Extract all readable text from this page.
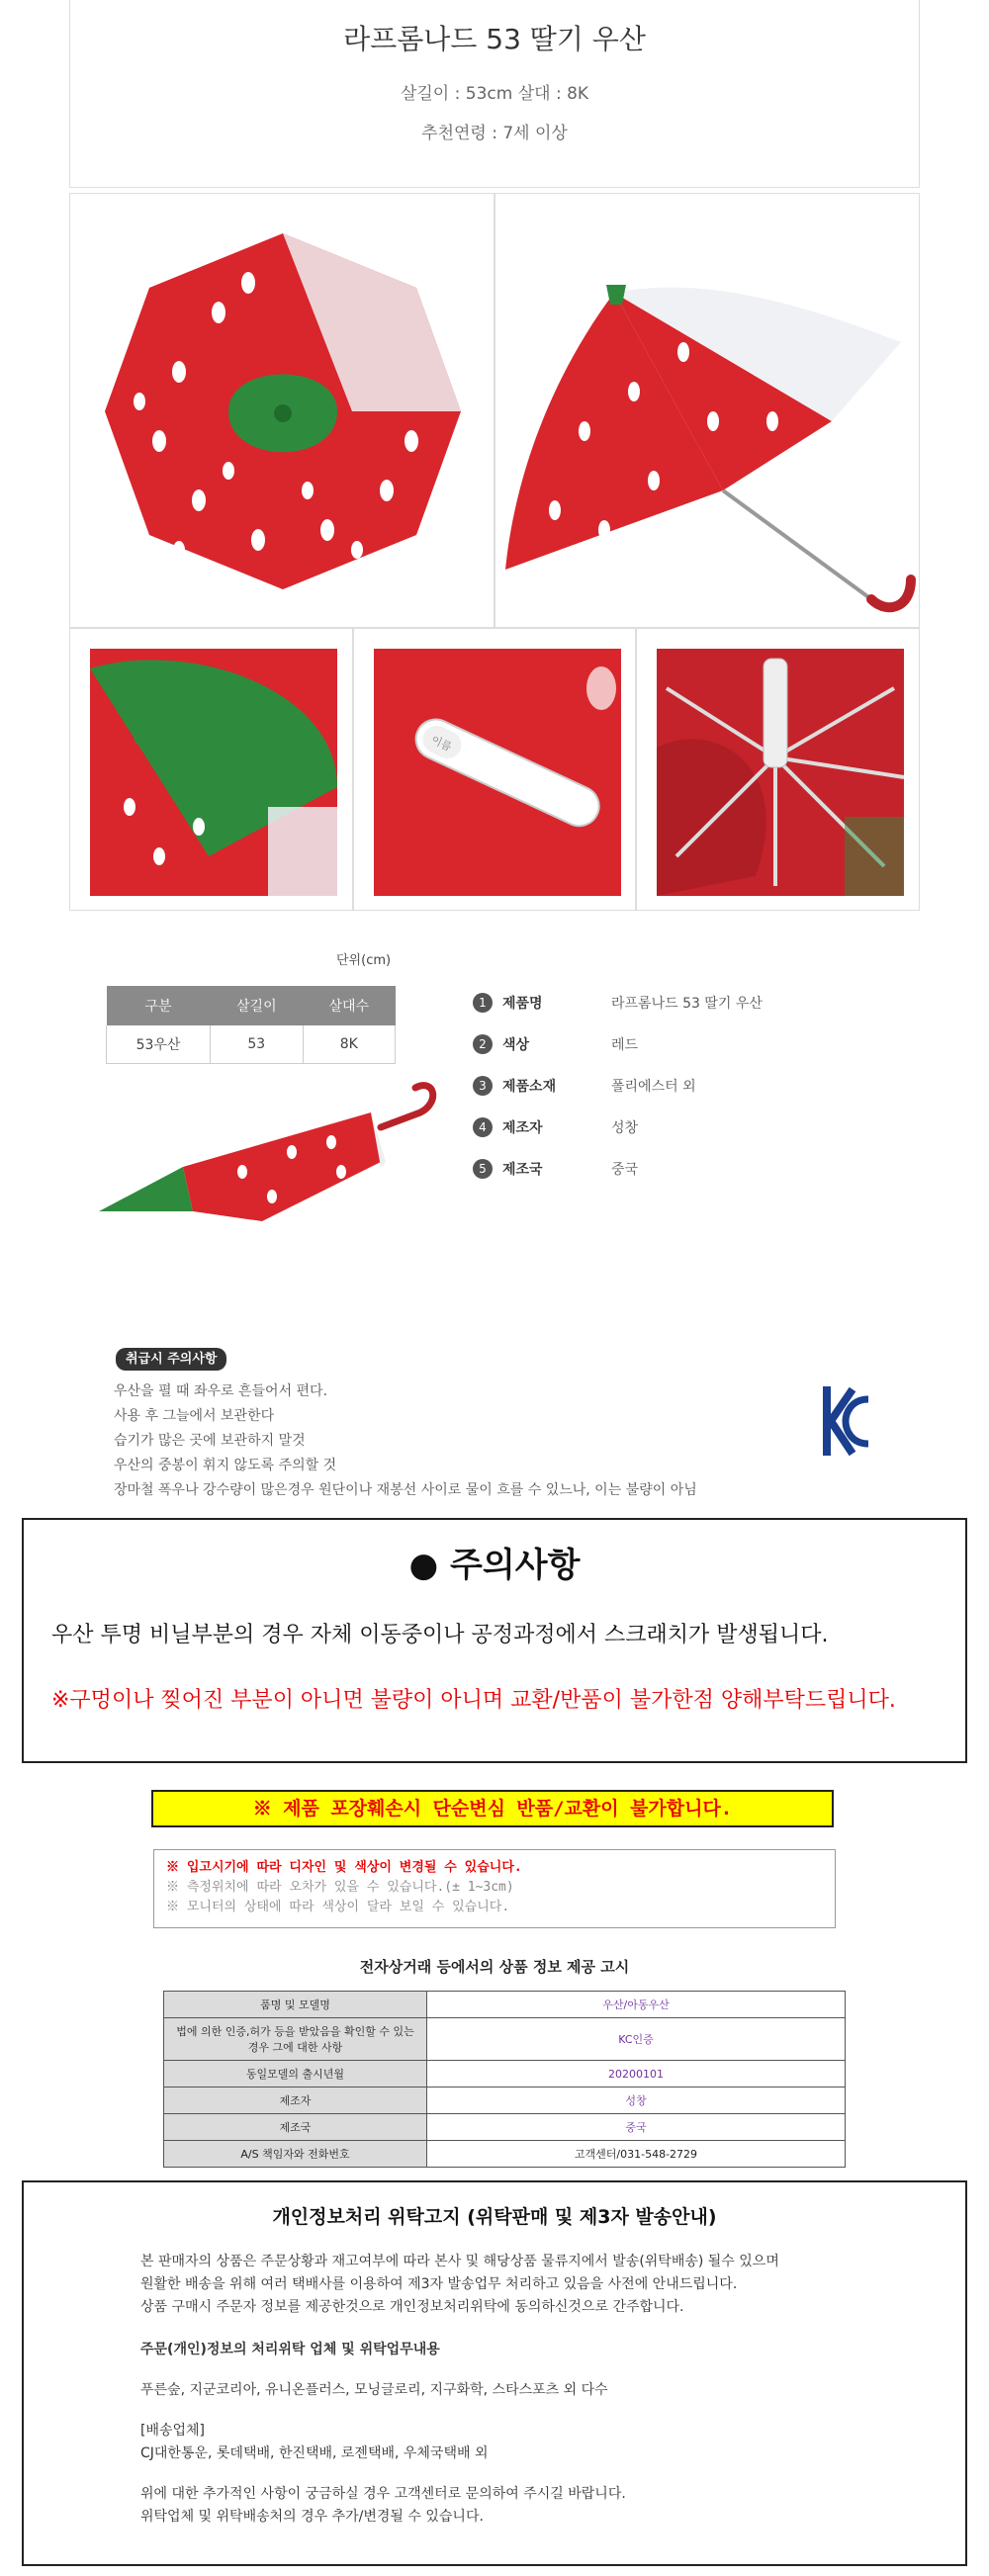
라프롬나드 53 딸기 우산
살길이 : 53cm 살대 : 8K
추천연령 : 7세 이상
이름
단위(cm)
구분	살길이	살대수
53우산	53	8K
1	제품명	라프롬나드 53 딸기 우산
2	색상	레드
3	제품소재	폴리에스터 외
4	제조자	성창
5	제조국	중국
취급시 주의사항
우산을 펼 때 좌우로 흔들어서 편다.
사용 후 그늘에서 보관한다
습기가 많은 곳에 보관하지 말것
우산의 중봉이 휘지 않도록 주의할 것
장마철 폭우나 강수량이 많은경우 원단이나 재봉선 사이로 물이 흐를 수 있느나, 이는 불량이 아님
● 주의사항
우산 투명 비닐부분의 경우 자체 이동중이나 공정과정에서 스크래치가 발생됩니다.
※구멍이나 찢어진 부분이 아니면 불량이 아니며 교환/반품이 불가한점 양해부탁드립니다.
※ 제품 포장훼손시 단순변심 반품/교환이 불가합니다.
※ 입고시기에 따라 디자인 및 색상이 변경될 수 있습니다.
※ 측정위치에 따라 오차가 있을 수 있습니다.(± 1~3cm)
※ 모니터의 상태에 따라 색상이 달라 보일 수 있습니다.
전자상거래 등에서의 상품 정보 제공 고시
품명 및 모델명	우산/아동우산
법에 의한 인증,허가 등을 받았음을 확인할 수 있는 경우 그에 대한 사항	KC인증
동일모델의 출시년월	20200101
제조자	성창
제조국	중국
A/S 책임자와 전화번호	고객센터/031-548-2729
개인정보처리 위탁고지 (위탁판매 및 제3자 발송안내)
본 판매자의 상품은 주문상황과 재고여부에 따라 본사 및 해당상품 물류지에서 발송(위탁배송) 될수 있으며
원활한 배송을 위해 여러 택배사를 이용하여 제3자 발송업무 처리하고 있음을 사전에 안내드립니다.
상품 구매시 주문자 정보를 제공한것으로 개인정보처리위탁에 동의하신것으로 간주합니다.
주문(개인)정보의 처리위탁 업체 및 위탁업무내용
푸른숲, 지군코리아, 유니온플러스, 모닝글로리, 지구화학, 스타스포츠 외 다수
[배송업체]
CJ대한통운, 롯데택배, 한진택배, 로젠택배, 우체국택배 외
위에 대한 추가적인 사항이 궁금하실 경우 고객센터로 문의하여 주시길 바랍니다.
위탁업체 및 위탁배송처의 경우 추가/변경될 수 있습니다.
